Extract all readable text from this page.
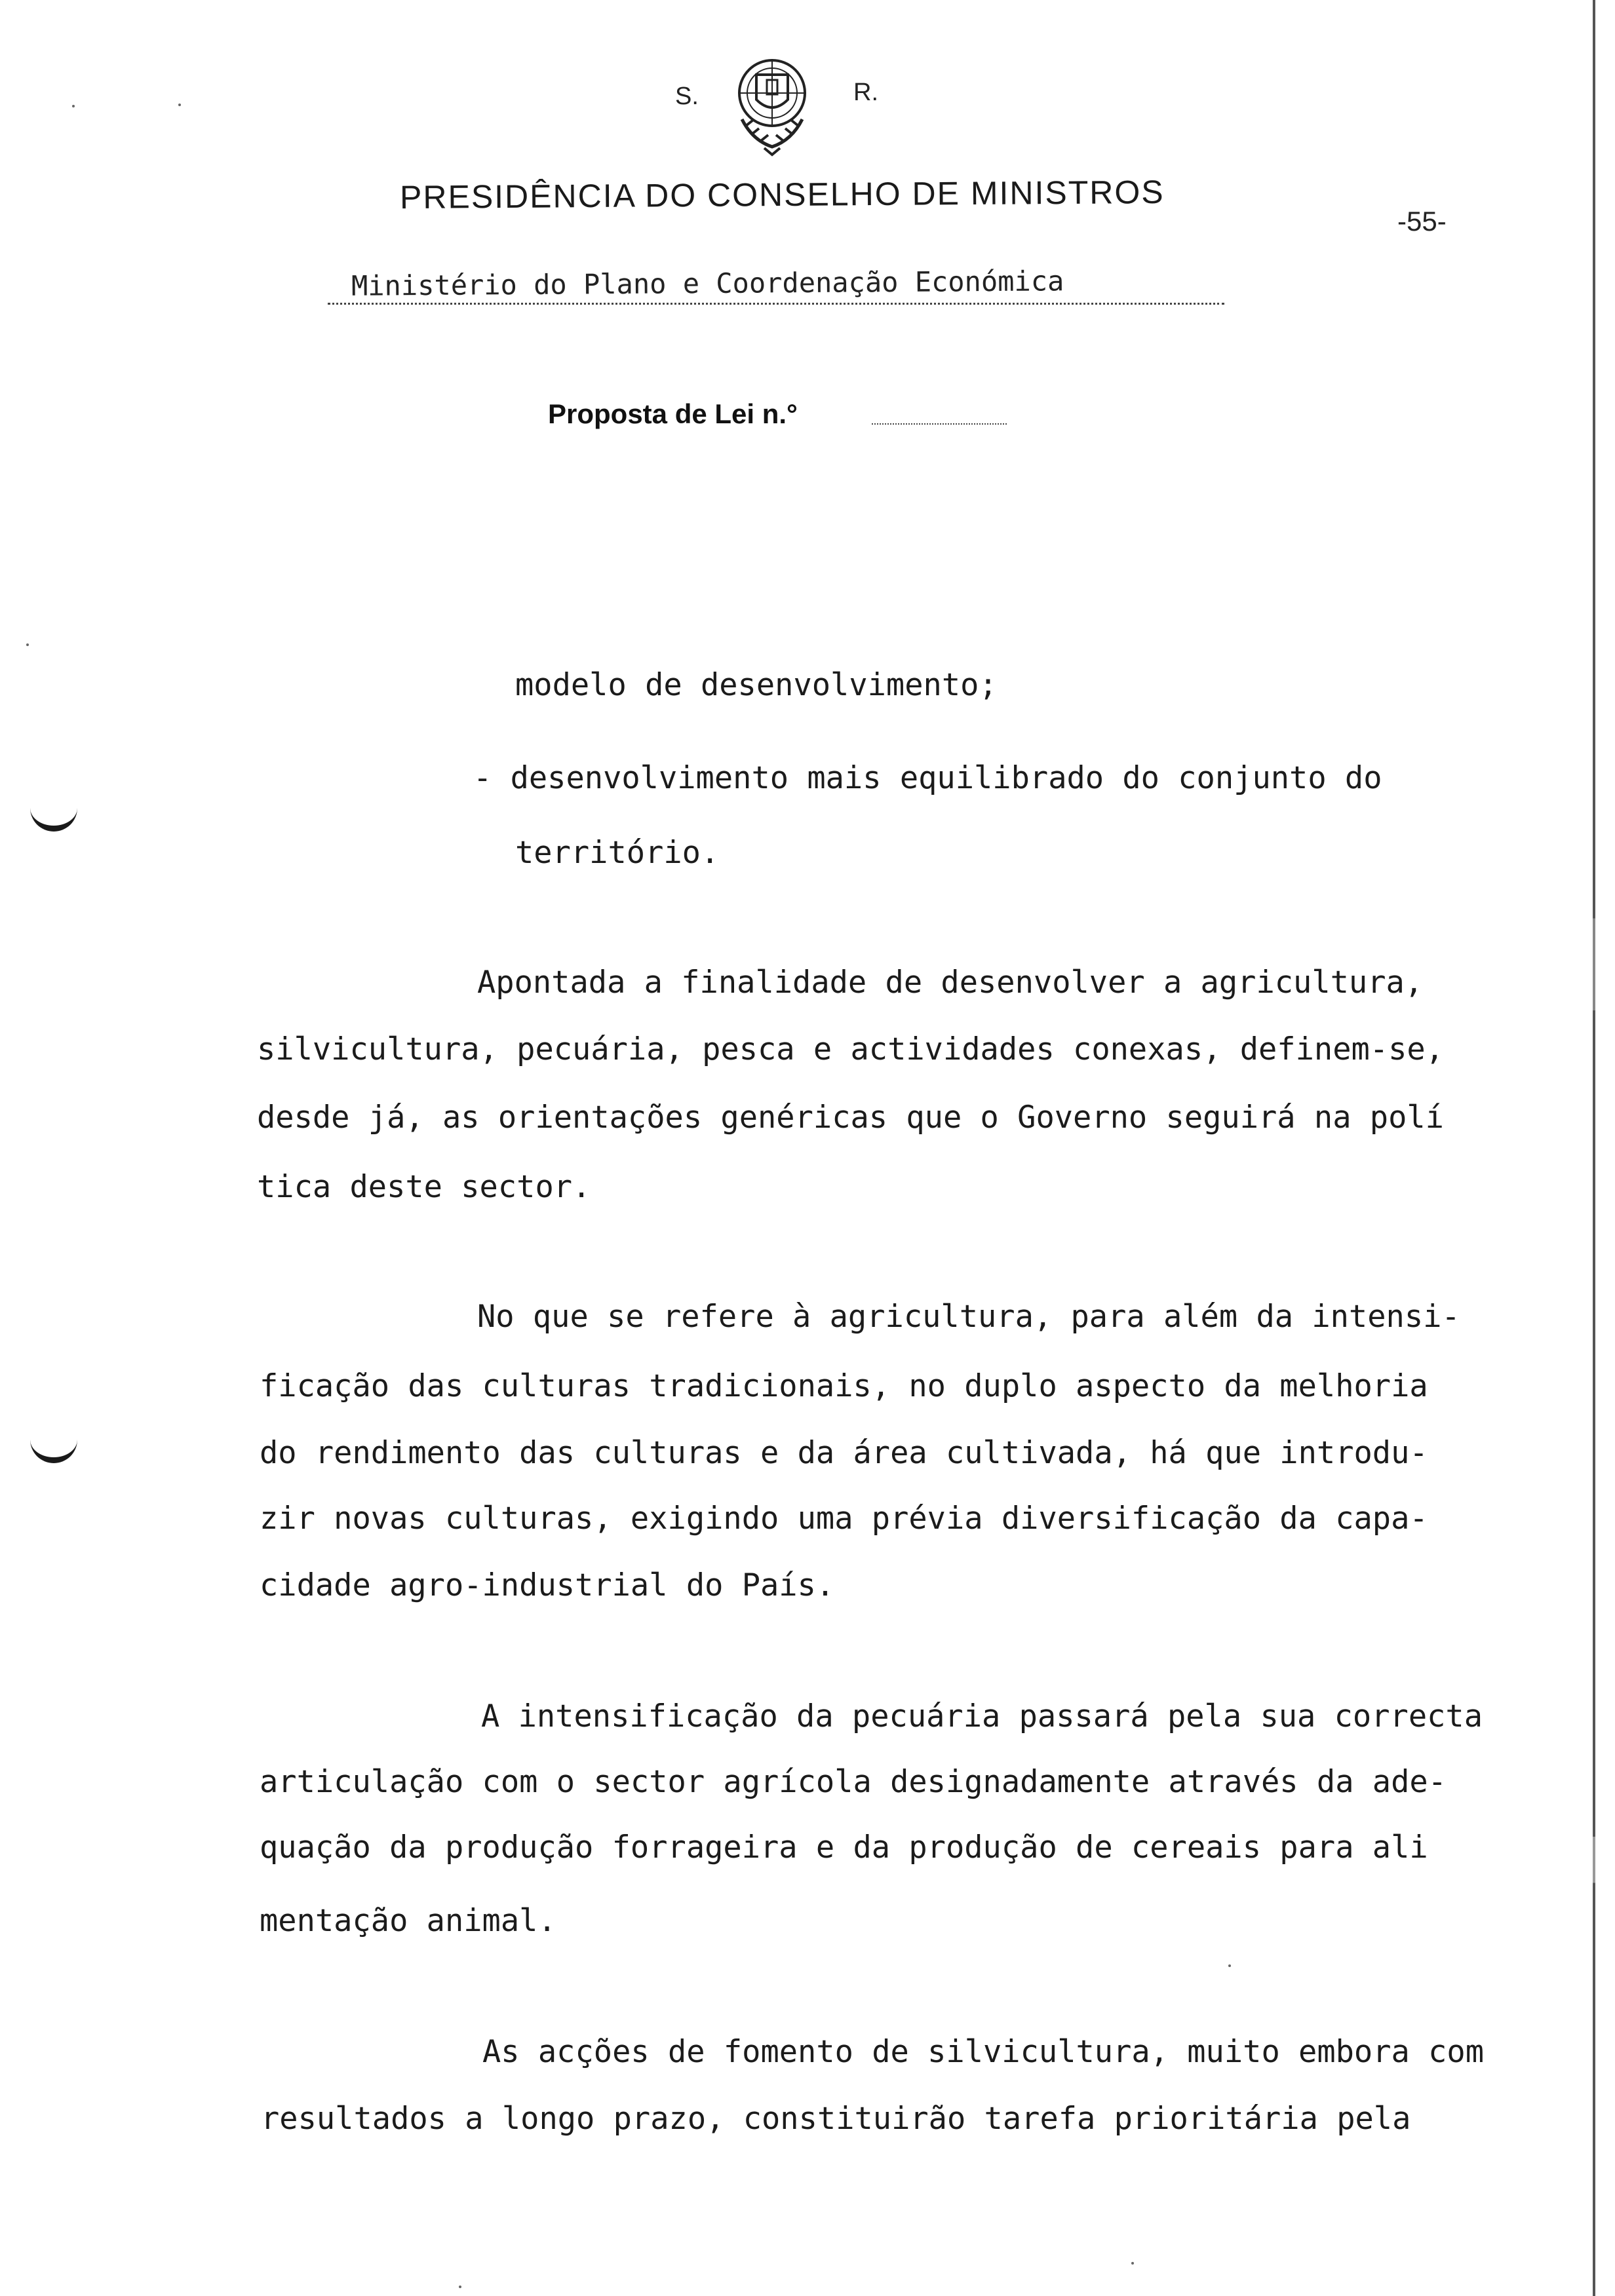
S.	R.
PRESIDÊNCIA DO CONSELHO DE MINISTROS
-55-
Ministério do Plano e Coordenação Económica
Proposta de Lei n.°
modelo de desenvolvimento;
- desenvolvimento mais equilibrado do conjunto do
território.
Apontada a finalidade de desenvolver a agricultura,
silvicultura, pecuária, pesca e actividades conexas, definem-se,
desde já, as orientações genéricas que o Governo seguirá na polí
tica deste sector.
No que se refere à agricultura, para além da intensi-
ficação das culturas tradicionais, no duplo aspecto da melhoria
do rendimento das culturas e da área cultivada, há que introdu-
zir novas culturas, exigindo uma prévia diversificação da capa-
cidade agro-industrial do País.
A intensificação da pecuária passará pela sua correcta
articulação com o sector agrícola designadamente através da ade-
quação da produção forrageira e da produção de cereais para ali
mentação animal.
As acções de fomento de silvicultura, muito embora com
resultados a longo prazo, constituirão tarefa prioritária pela
